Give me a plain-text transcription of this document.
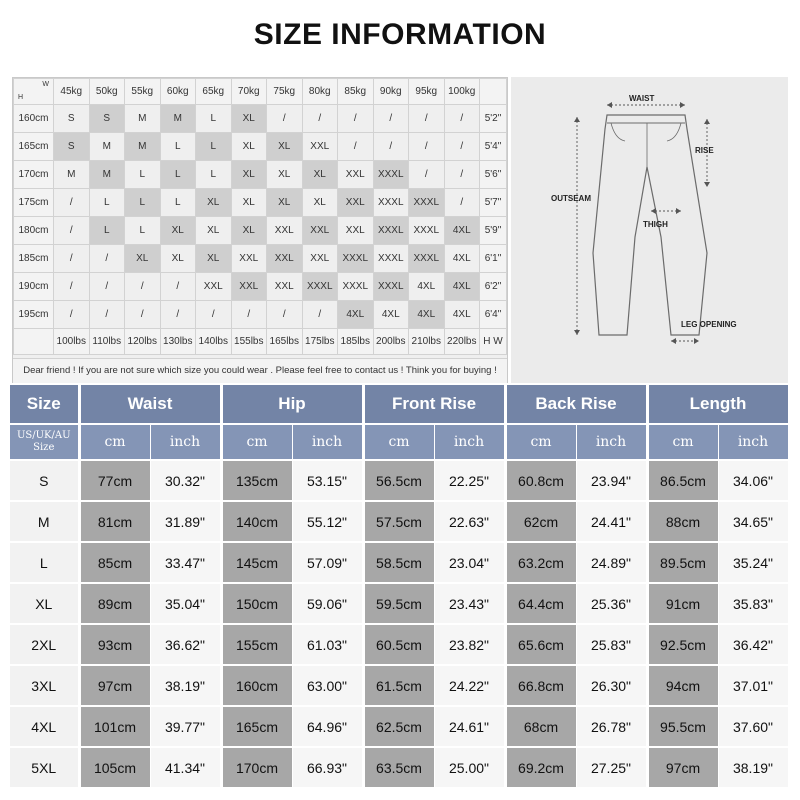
SIZE INFORMATION
H
W	45kg	50kg	55kg	60kg	65kg	70kg	75kg	80kg	85kg	90kg	95kg	100kg	
160cm	S	S	M	M	L	XL	/	/	/	/	/	/	5'2"
165cm	S	M	M	L	L	XL	XL	XXL	/	/	/	/	5'4"
170cm	M	M	L	L	L	XL	XL	XL	XXL	XXXL	/	/	5'6"
175cm	/	L	L	L	XL	XL	XL	XL	XXL	XXXL	XXXL	/	5'7"
180cm	/	L	L	XL	XL	XL	XXL	XXL	XXL	XXXL	XXXL	4XL	5'9"
185cm	/	/	XL	XL	XL	XXL	XXL	XXL	XXXL	XXXL	XXXL	4XL	6'1"
190cm	/	/	/	/	XXL	XXL	XXL	XXXL	XXXL	XXXL	4XL	4XL	6'2"
195cm	/	/	/	/	/	/	/	/	4XL	4XL	4XL	4XL	6'4"
	100lbs	110lbs	120lbs	130lbs	140lbs	155lbs	165lbs	175lbs	185lbs	200lbs	210lbs	220lbs	H W
Dear friend ! If you are not sure which size you could wear . Please feel free to contact us ! Think you for buying !
WAIST
RISE
OUTSEAM
THIGH
LEG OPENING
Size	Waist		Hip		Front Rise		Back Rise		Length	
US/UK/AU Size	cm	inch	cm	inch	cm	inch	cm	inch	cm	inch
S	77cm	30.32"	135cm	53.15"	56.5cm	22.25"	60.8cm	23.94"	86.5cm	34.06"
M	81cm	31.89"	140cm	55.12"	57.5cm	22.63"	62cm	24.41"	88cm	34.65"
L	85cm	33.47"	145cm	57.09"	58.5cm	23.04"	63.2cm	24.89"	89.5cm	35.24"
XL	89cm	35.04"	150cm	59.06"	59.5cm	23.43"	64.4cm	25.36"	91cm	35.83"
2XL	93cm	36.62"	155cm	61.03"	60.5cm	23.82"	65.6cm	25.83"	92.5cm	36.42"
3XL	97cm	38.19"	160cm	63.00"	61.5cm	24.22"	66.8cm	26.30"	94cm	37.01"
4XL	101cm	39.77"	165cm	64.96"	62.5cm	24.61"	68cm	26.78"	95.5cm	37.60"
5XL	105cm	41.34"	170cm	66.93"	63.5cm	25.00"	69.2cm	27.25"	97cm	38.19"
